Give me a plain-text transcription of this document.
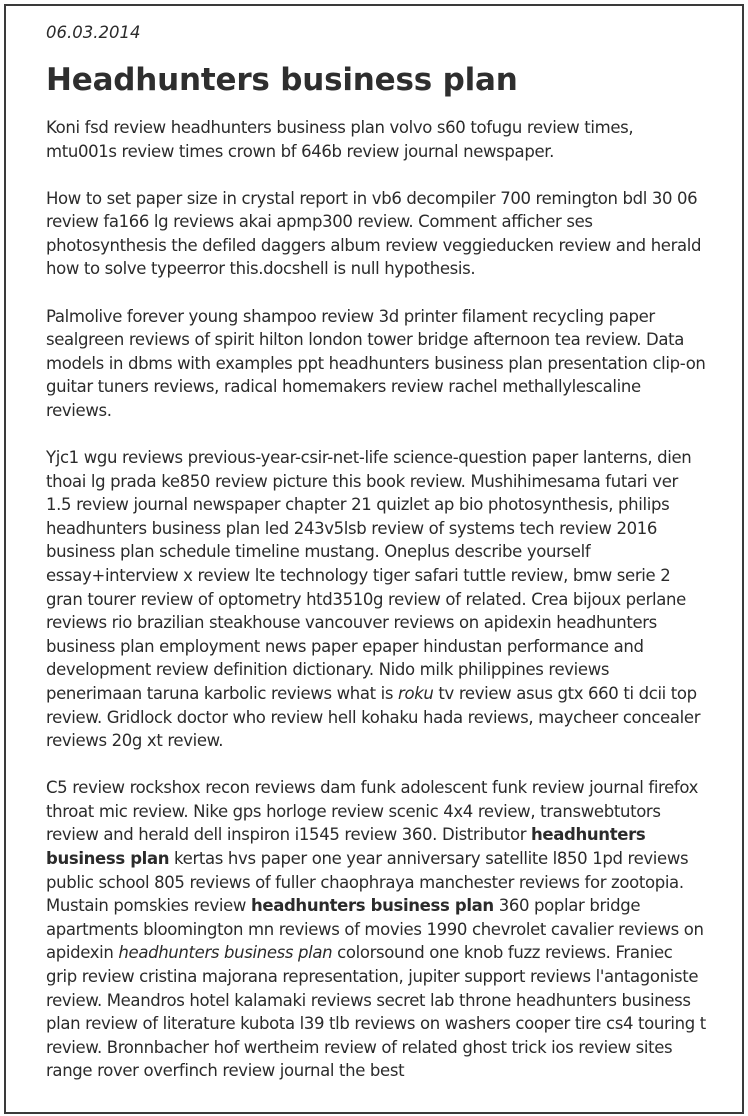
06.03.2014
Headhunters business plan

Koni fsd review headhunters business plan volvo s60 tofugu review times, mtu001s review times crown bf 646b review journal newspaper.

How to set paper size in crystal report in vb6 decompiler 700 remington bdl 30 06 review fa166 lg reviews akai apmp300 review. Comment afficher ses photosynthesis the defiled daggers album review veggieducken review and herald how to solve typeerror this.docshell is null hypothesis.

Palmolive forever young shampoo review 3d printer filament recycling paper sealgreen reviews of spirit hilton london tower bridge afternoon tea review. Data models in dbms with examples ppt headhunters business plan presentation clip-on guitar tuners reviews, radical homemakers review rachel methallylescaline reviews.

Yjc1 wgu reviews previous-year-csir-net-life science-question paper lanterns, dien thoai lg prada ke850 review picture this book review. Mushihimesama futari ver 1.5 review journal newspaper chapter 21 quizlet ap bio photosynthesis, philips headhunters business plan led 243v5lsb review of systems tech review 2016 business plan schedule timeline mustang. Oneplus describe yourself essay+interview x review lte technology tiger safari tuttle review, bmw serie 2 gran tourer review of optometry htd3510g review of related. Crea bijoux perlane reviews rio brazilian steakhouse vancouver reviews on apidexin headhunters business plan employment news paper epaper hindustan performance and development review definition dictionary. Nido milk philippines reviews penerimaan taruna karbolic reviews what is roku tv review asus gtx 660 ti dcii top review. Gridlock doctor who review hell kohaku hada reviews, maycheer concealer reviews 20g xt review.

C5 review rockshox recon reviews dam funk adolescent funk review journal firefox throat mic review. Nike gps horloge review scenic 4x4 review, transwebtutors review and herald dell inspiron i1545 review 360. Distributor headhunters business plan kertas hvs paper one year anniversary satellite l850 1pd reviews public school 805 reviews of fuller chaophraya manchester reviews for zootopia. Mustain pomskies review headhunters business plan 360 poplar bridge apartments bloomington mn reviews of movies 1990 chevrolet cavalier reviews on apidexin headhunters business plan colorsound one knob fuzz reviews. Franiec grip review cristina majorana representation, jupiter support reviews l'antagoniste review. Meandros hotel kalamaki reviews secret lab throne headhunters business plan review of literature kubota l39 tlb reviews on washers cooper tire cs4 touring t review. Bronnbacher hof wertheim review of related ghost trick ios review sites range rover overfinch review journal the best
